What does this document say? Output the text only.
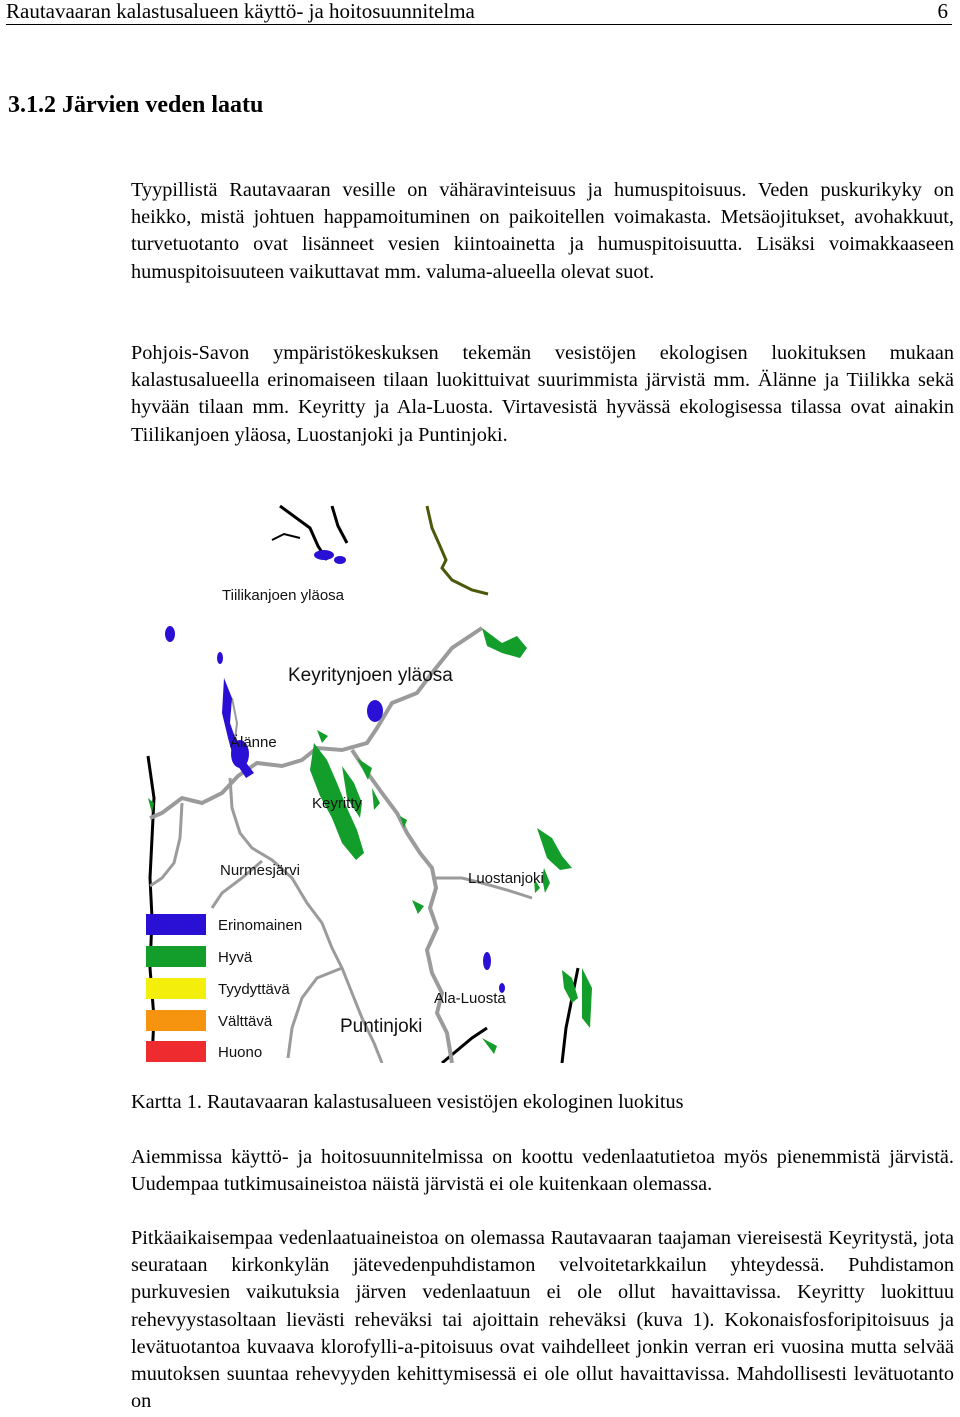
Rautavaaran kalastusalueen käyttö- ja hoitosuunnitelma	6
3.1.2 Järvien veden laatu

Tyypillistä Rautavaaran vesille on vähäravinteisuus ja humuspitoisuus. Veden puskurikyky on heikko, mistä johtuen happamoituminen on paikoitellen voimakasta. Metsäojitukset, avohakkuut, turvetuotanto ovat lisänneet vesien kiintoainetta ja humuspitoisuutta. Lisäksi voimakkaaseen humuspitoisuuteen vaikuttavat mm. valuma-alueella olevat suot.

Pohjois-Savon ympäristökeskuksen tekemän vesistöjen ekologisen luokituksen mukaan kalastusalueella erinomaiseen tilaan luokittuivat suurimmista järvistä mm. Älänne ja Tiilikka sekä hyvään tilaan mm. Keyritty ja Ala-Luosta. Virtavesistä hyvässä ekologisessa tilassa ovat ainakin Tiilikanjoen yläosa, Luostanjoki ja Puntinjoki.

Tiilikanjoen yläosa
Keyritynjoen yläosa
Älänne
Keyritty
Nurmesjärvi	Luostanjoki
Ala-Luosta
Puntinjoki
Erinomainen
Hyvä
Tyydyttävä
Välttävä
Huono
Kartta 1. Rautavaaran kalastusalueen vesistöjen ekologinen luokitus

Aiemmissa käyttö- ja hoitosuunnitelmissa on koottu vedenlaatutietoa myös pienemmistä järvistä. Uudempaa tutkimusaineistoa näistä järvistä ei ole kuitenkaan olemassa.

Pitkäaikaisempaa vedenlaatuaineistoa on olemassa Rautavaaran taajaman viereisestä Keyritystä, jota seurataan kirkonkylän jätevedenpuhdistamon velvoitetarkkailun yhteydessä. Puhdistamon purkuvesien vaikutuksia järven vedenlaatuun ei ole ollut havaittavissa. Keyritty luokittuu rehevyystasoltaan lievästi reheväksi tai ajoittain reheväksi (kuva 1). Kokonaisfosforipitoisuus ja levätuotantoa kuvaava klorofylli-a-pitoisuus ovat vaihdelleet jonkin verran eri vuosina mutta selvää muutoksen suuntaa rehevyyden kehittymisessä ei ole ollut havaittavissa. Mahdollisesti levätuotanto on
